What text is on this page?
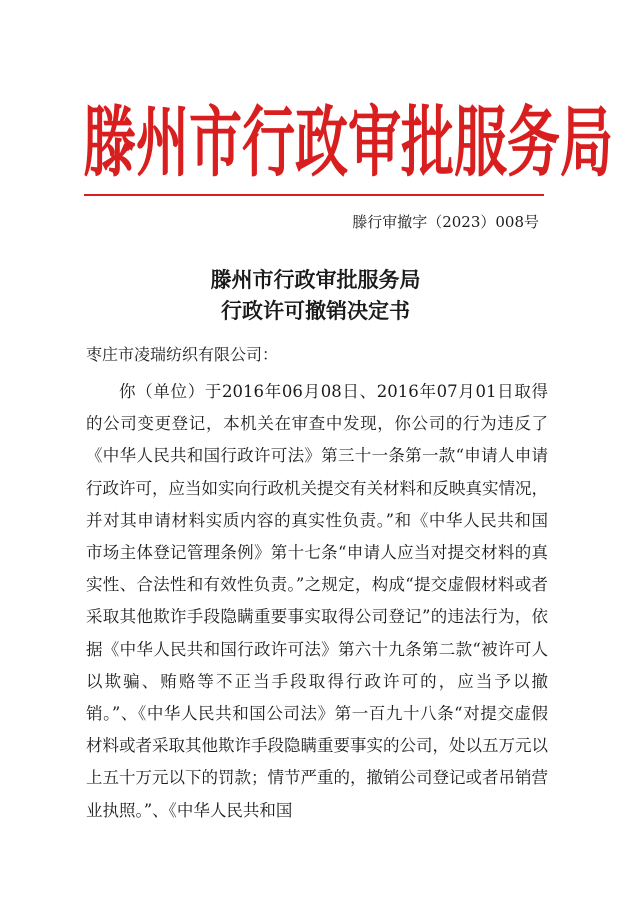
滕 州 市 行 政 审 批 服 务 局
滕行审撤字（2023）008号
滕州市行政审批服务局
行政许可撤销决定书
枣庄市凌瑞纺织有限公司：

你（单位）于2016年06月08日、2016年07月01日取得的公司变更登记，本机关在审查中发现，你公司的行为违反了《中华人民共和国行政许可法》第三十一条第一款“申请人申请行政许可，应当如实向行政机关提交有关材料和反映真实情况，并对其申请材料实质内容的真实性负责。”和《中华人民共和国市场主体登记管理条例》第十七条“申请人应当对提交材料的真实性、合法性和有效性负责。”之规定，构成“提交虚假材料或者采取其他欺诈手段隐瞒重要事实取得公司登记”的违法行为，依据《中华人民共和国行政许可法》第六十九条第二款“被许可人以欺骗、贿赂等不正当手段取得行政许可的，应当予以撤销。”、《中华人民共和国公司法》第一百九十八条“对提交虚假材料或者采取其他欺诈手段隐瞒重要事实的公司，处以五万元以上五十万元以下的罚款；情节严重的，撤销公司登记或者吊销营业执照。”、《中华人民共和国
